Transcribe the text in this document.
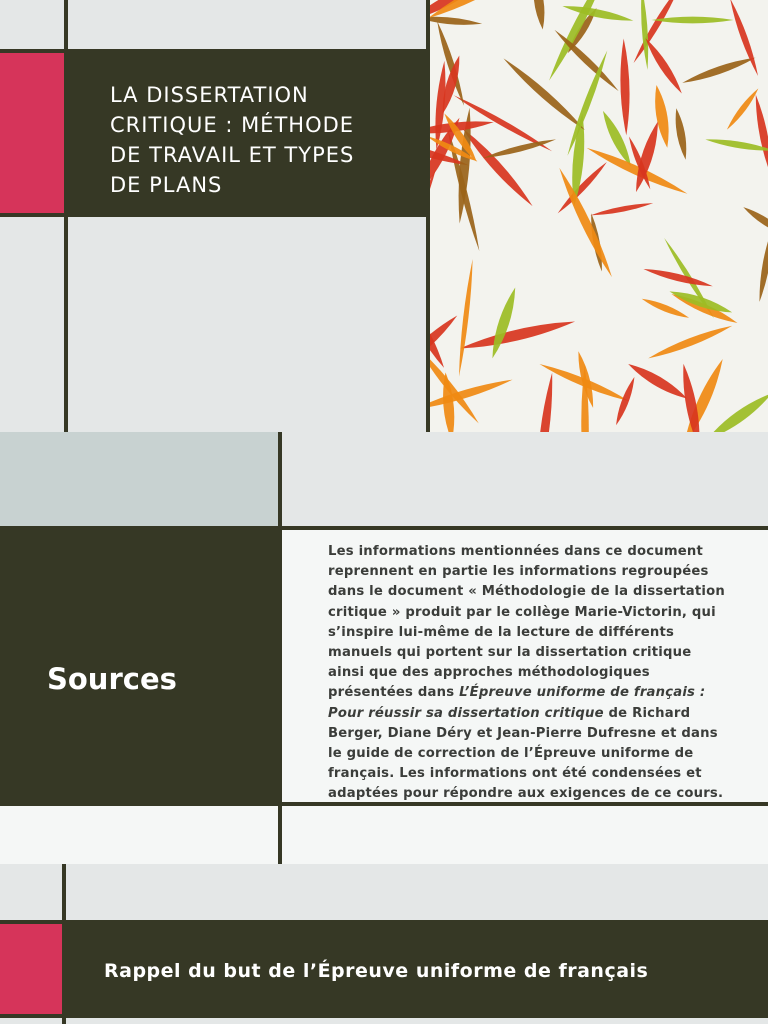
LA DISSERTATION
CRITIQUE : MÉTHODE
DE TRAVAIL ET TYPES
DE PLANS
Sources

Les informations mentionnées dans ce document reprennent en partie les informations regroupées dans le document « Méthodologie de la dissertation critique » produit par le collège Marie-Victorin, qui s’inspire lui-même de la lecture de différents manuels qui portent sur la dissertation critique ainsi que des approches méthodologiques présentées dans L’Épreuve uniforme de français : Pour réussir sa dissertation critique de Richard Berger, Diane Déry et Jean-Pierre Dufresne et dans le guide de correction de l’Épreuve uniforme de français. Les informations ont été condensées et adaptées pour répondre aux exigences de ce cours.

Rappel du but de l’Épreuve uniforme de français
